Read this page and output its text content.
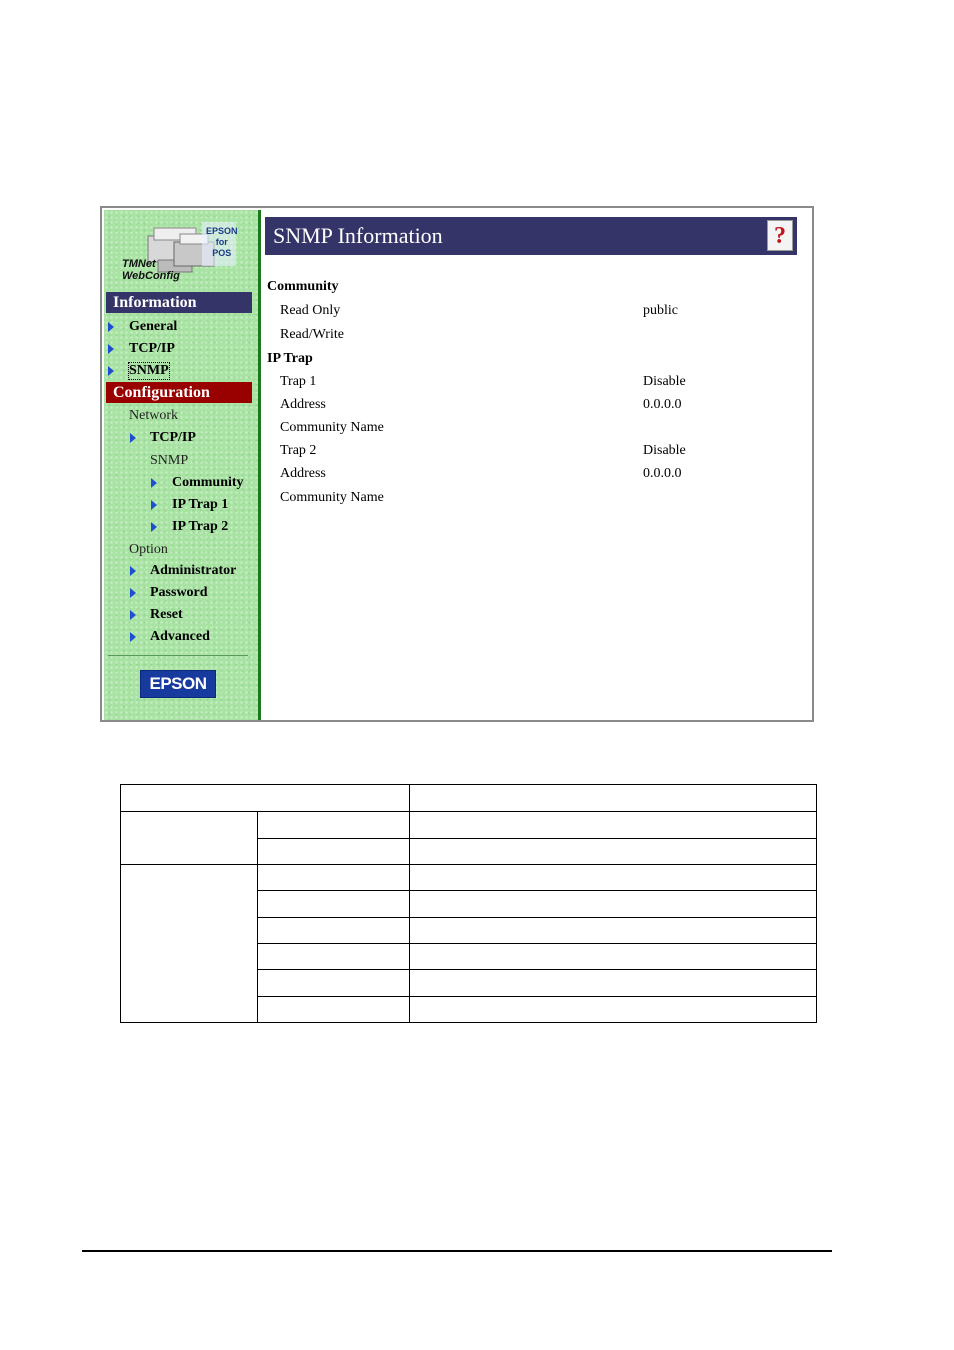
EPSON
for
POS
TMNet
WebConfig
Information
General
TCP/IP
SNMP
Configuration
Network
TCP/IP
SNMP
Community
IP Trap 1
IP Trap 2
Option
Administrator
Password
Reset
Advanced
EPSON
SNMP Information	?
Community
Read Only	public
Read/Write
IP Trap
Trap 1	Disable
Address	0.0.0.0
Community Name
Trap 2	Disable
Address	0.0.0.0
Community Name
